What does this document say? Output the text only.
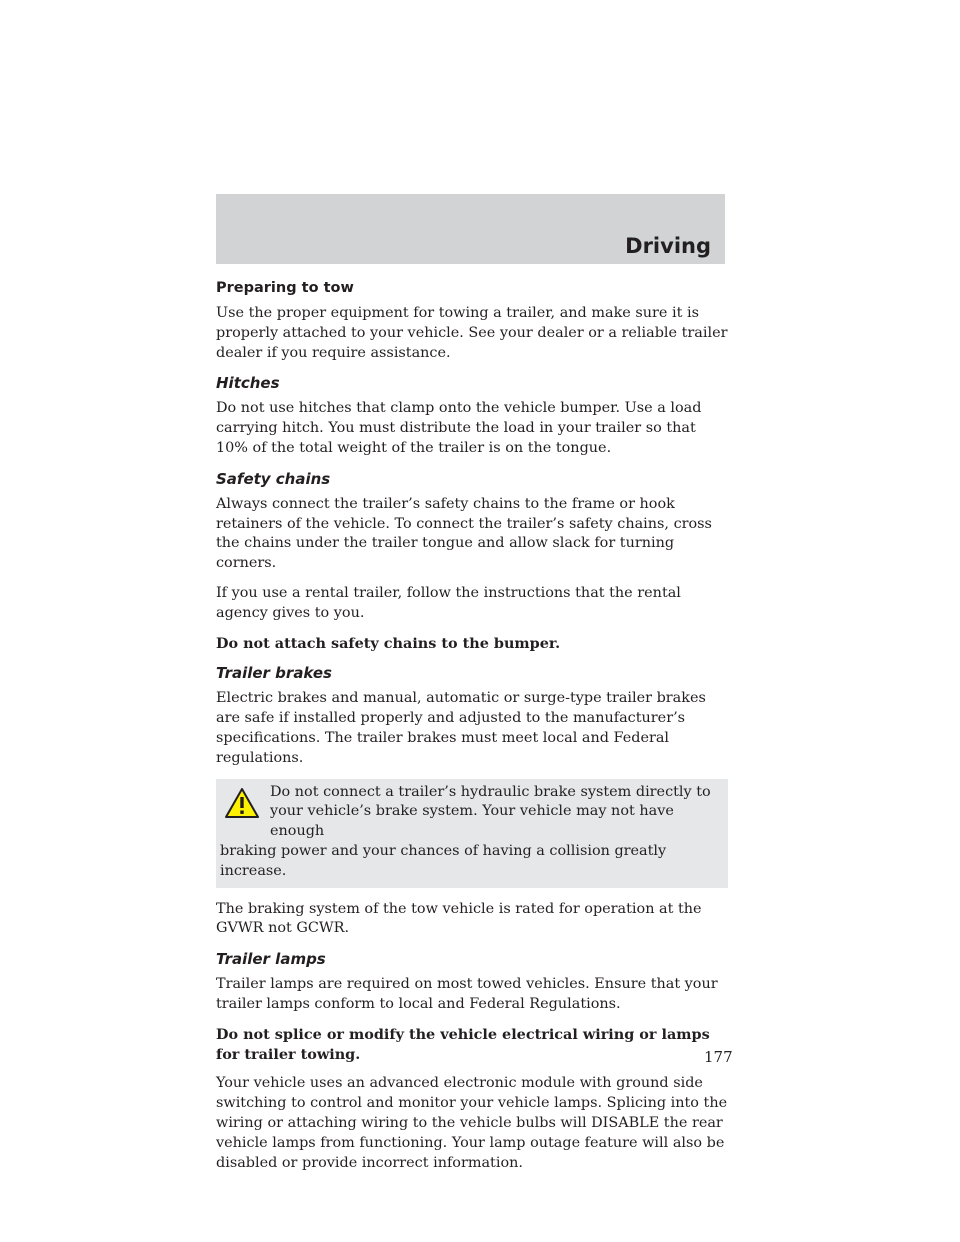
Driving
Preparing to tow

Use the proper equipment for towing a trailer, and make sure it is properly attached to your vehicle. See your dealer or a reliable trailer dealer if you require assistance.

Hitches

Do not use hitches that clamp onto the vehicle bumper. Use a load carrying hitch. You must distribute the load in your trailer so that 10% of the total weight of the trailer is on the tongue.

Safety chains

Always connect the trailer’s safety chains to the frame or hook retainers of the vehicle. To connect the trailer’s safety chains, cross the chains under the trailer tongue and allow slack for turning corners.

If you use a rental trailer, follow the instructions that the rental agency gives to you.

Do not attach safety chains to the bumper.

Trailer brakes

Electric brakes and manual, automatic or surge-type trailer brakes are safe if installed properly and adjusted to the manufacturer’s specifications. The trailer brakes must meet local and Federal regulations.

Do not connect a trailer’s hydraulic brake system directly to your vehicle’s brake system. Your vehicle may not have enough
braking power and your chances of having a collision greatly increase.

The braking system of the tow vehicle is rated for operation at the GVWR not GCWR.

Trailer lamps

Trailer lamps are required on most towed vehicles. Ensure that your trailer lamps conform to local and Federal Regulations.

Do not splice or modify the vehicle electrical wiring or lamps for trailer towing.

Your vehicle uses an advanced electronic module with ground side switching to control and monitor your vehicle lamps. Splicing into the wiring or attaching wiring to the vehicle bulbs will DISABLE the rear vehicle lamps from functioning. Your lamp outage feature will also be disabled or provide incorrect information.

177
